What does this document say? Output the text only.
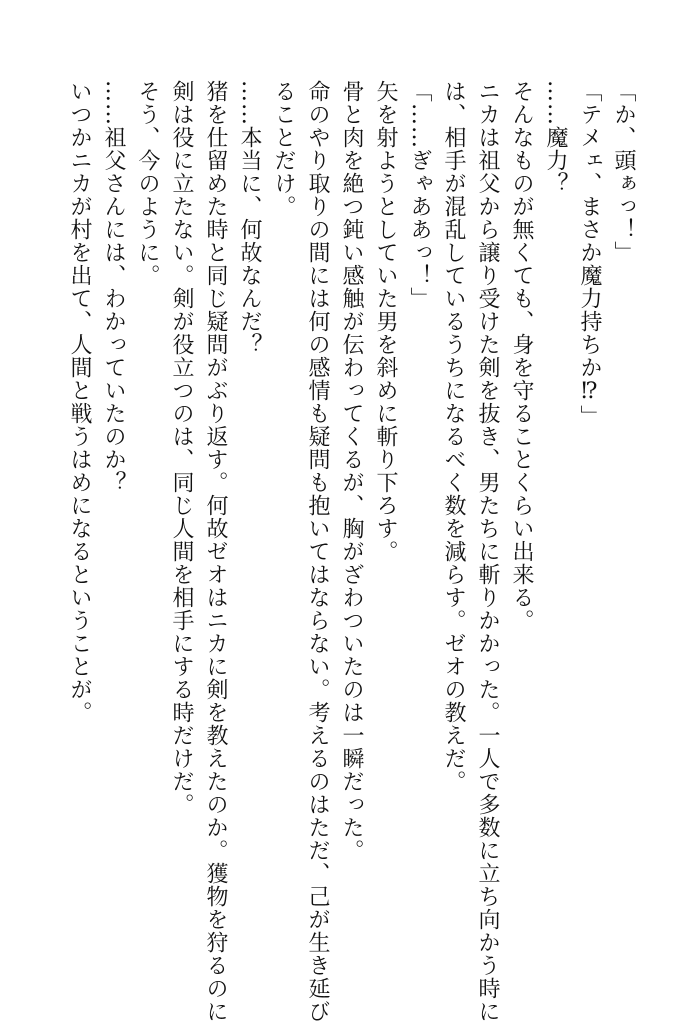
「か、頭ぁっ！」
「テメェ、まさか魔力持ちか⁉」
……魔力？
そんなものが無くても、身を守ることくらい出来る。
ニカは祖父から譲り受けた剣を抜き、男たちに斬りかかった。一人で多数に立ち向かう時に
は、相手が混乱しているうちになるべく数を減らす。ゼオの教えだ。
「……ぎゃああっ！」
矢を射ようとしていた男を斜めに斬り下ろす。
骨と肉を絶つ鈍い感触が伝わってくるが、胸がざわついたのは一瞬だった。
命のやり取りの間には何の感情も疑問も抱いてはならない。考えるのはただ、己が生き延び
ることだけ。
……本当に、何故なんだ？
猪を仕留めた時と同じ疑問がぶり返す。何故ゼオはニカに剣を教えたのか。獲物を狩るのに
剣は役に立たない。剣が役立つのは、同じ人間を相手にする時だけだ。
そう、今のように。
……祖父さんには、わかっていたのか？
いつかニカが村を出て、人間と戦うはめになるということが。
